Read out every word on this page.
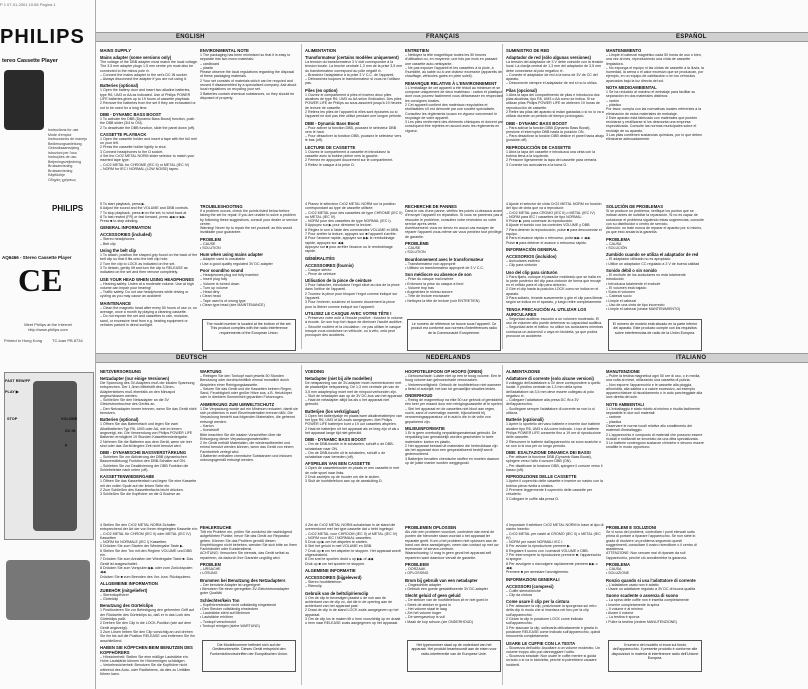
P 1 07-01-2001 10:58 Pagina 1
PHILIPS
tereo Cassette Player
Instructions for use
Mode d'emploi
Instrucciones de manejo
Bedienungsanleitung
Gebruiksaanwijzing
Istruzioni per l'uso
Instruções de uso
Betjeningsvejledning
Bruksanvisning
Bruksanvisning
Käyttöohje
Οδηγίες χρήσεως
PHILIPS
AQ6466 - Stereo Cassette Player
CE
Meet Philips at the Internet http://www.philips.com
Printed in Hong Kong TC-loan PB 8734
FAST REW/FF
PLAY ▶
STOP	VOLUME
DC IN
p
ENGLISH	FRANÇAIS	ESPAÑOL
DEUTSCH	NEDERLANDS	ITALIANO
MAINS SUPPLY
Mains adapter (some versions only)
The voltage of the DBB adapter must match the local voltage. The 3.5 mm adapter plugs 1.5 mm centre pin must also be connected to the minus pole ⊖.
– Connect the mains adapter to the set's DC IN socket.
– Always disconnect the adapter if you are not using it.
Batteries (optional)
1 Open the battery door and insert two alkaline batteries, type R6, UM3 or AA as indicated. Use of Philips POWER LIFE batteries gives up to 19 hours of cassette playback.
2 Remove the batteries from the set if they are exhausted or not to be used for a long time.
DBB - DYNAMIC BASS BOOST
1 To activate the DBB (Dynamic Bass Boost) function, push the DBB slider (3/4 to ON).
2 To deactivate the DBB function, slide the panel down (off).
CASSETTE PLAYBACK
1 Open the cassette holder and insert a tape with the full reel on your left.
2 Press the cassette holder lightly to shut.
3 Connect headphones to the Ω socket.
4 Set the CrO2 METAL NORM slider selector to match your inserted tape type:
– CrO2 METAL for CHROME (IEC II) or METAL (IEC IV)
– NORM for IEC I NORMAL (LOW NOISE) tapes.
ENVIRONMENTAL NOTE
1 The packaging has been minimised so that it is easy to separate into two mono materials:
– cardboard
– plastic
Please observe the local regulations regarding the disposal of these packaging materials.
2 Your set consists of materials which can be recycled and reused if disassembled by a specialised company. Ask about local regulations on recycling your set.
3 Batteries contain chemical substances, so they should be disposed of properly.
5 To start playback, press ▶.
6 Adjust the sound and the VOLUME and DBB controls.
7 To stop playback, press ■ on the set, to wind back at
8 To fast rewind (FR) or fast forward, press ◀◀ or ▶▶.
Press ■ to stop winding.
GENERAL INFORMATION
ACCESSORIES (included)
– Stereo headphones
– Belt clip
Using the belt clip
1 To attach, position the shaped grip found on the back of the belt clip so that it fits onto the belt clip hole.
2 Turn the clip to LOCK as indicated on the set.
3 To detach, gently lift and turn the clip to RELEASE as indicated on the set and then remove completely.
USE YOUR HEAD WHEN USING HEADPHONES
– Hearing safety: Listen at a moderate volume. Use at high volume can impair your hearing!
– Traffic safety: Do not use headphones while driving or cycling as you may cause an accident!
MAINTENANCE
– Clean the magnetic head after every 50 hours of use or, on average, once a month by playing a cleaning cassette.
– Do not expose the set and cassettes to rain, moisture, sand, or excessive heat from e.g. heating equipment or vehicles parked in direct sunlight.
TROUBLESHOOTING
If a problem occurs, check the points listed below before taking the set for repair. If you are unable to solve a problem by following these suggestions, consult your dealer or service centre.
Warning! Never try to repair the set yourself, as this would invalidate your guarantee.
PROBLEM
– CAUSE
• SOLUTION
Hum when using mains adapter
– Adapter used is unsuitable
• Use a good quality regulated 3V DC adapter
Poor sound/no sound
– Headphones plug not fully inserted
– Insert plug fully
– Volume is turned down
– Turn up volume
– Head dirty
• Clean head
– Tape used is of wrong type
• Clean type head (see MAINTENANCE)
The model number is located at the bottom of the set. This product complies with the radio interference requirements of the European Union.
ALIMENTATION
Transformateur (certains modèles uniquement)
La tension du transformateur 3 V doit correspondre à la tension locale. La broche centrale 1,3 mm de la prise 3,5 mm du transformateur correspond au pôle négatif ⊖.
– Branchez l'adaptateur à la prise 3 V C.C. de l'appareil.
– Débranchez toujours le transformateur si vous ne l'utilisez pas.
Piles (en option)
1 Ouvrez le compartiment à piles et insérez deux piles alcalines de type R6, UM3 ou AA selon l'indication. Des piles POWER LIFE de Philips au sous-assurent jusqu'à 19 heures de lecture de cassette.
2 Retirez les piles de l'appareil si elles sont épuisées ou si l'appareil ne doit pas être utilisé pendant une longue période.
DBB - Dynamic Bass Boost
– Pour activer la fonction DBB, poussez le sélecteur DBB vers le haut.
– Pour désactiver la fonction DBB, poussez le sélecteur vers le bas (off).
LECTURE DE CASSETTE
1 Ouvrez le compartiment à cassette et introduisez la cassette avec la bobine pleine vers la gauche.
2 Fermez en appuyant doucement sur le compartiment.
3 Reliez le casque à la prise Ω.
ENTRETIEN
– Nettoyez la tête magnétique toutes les 50 heures d'utilisation ou, en moyenne, une fois par mois en passant une cassette auto-nettoyante.
– Ne pas exposer l'appareil et les cassettes à la pluie, à l'humidité, au sable ou à une chaleur excessive (appareils de chauffage, véhicules garés en plein soleil).
REMARQUE RELATIVE À L'ENVIRONNEMENT
1 L'emballage de cet appareil a été réduit au minimum et se compose uniquement de deux matériaux : carton et plastique dont vous pourrez facilement vous débarrasser en respectant les consignes locales.
2 Cet appareil contient des matériaux recyclables et réutilisables s'il est démonté par une société spécialisée. Consultez les règlements locaux en vigueur concernant le recyclage de votre appareil.
3 Les piles renferment des éléments chimiques et doivent par conséquent être rejetées en accord avec les règlements en vigueur.
4 Placez le sélecteur CrO2 METAL NORM sur la position correspondant au type de cassette utilisée:
– CrO2 METAL pour des cassettes de type CHROME (IEC II) ou METAL (IEC IV)
– NORM pour des cassettes de type NORMAL (IEC I).
5 Appuyez sur ▶ pour démarrer la lecture.
6 Réglez le son à l'aide des commandes VOLUME et DBB.
7 Pour arrêter la lecture, appuyez sur ■ l'appareil s'arrête.
8 Pour l'avance rapide, appuyez sur ▶▶ le rembobinage rapide, appuyez sur ◀◀.
Appuyez sur ■ pour arrêter l'avance ou le rembobinage rapide.
GÉNÉRALITÉS
ACCESSOIRES (fournis)
– Casque stéréo
– Pince de ceinture
Utilisation de la pince de ceinture
1 Pour l'attacher, introduisez l'ergot situé au dos de la pince dans l'orifice de l'appareil.
2 Tournez la pince pour bloquer l'ergot comme indiqué sur l'appareil.
3 Pour l'enlever, soulevez et tournez doucement la pince pour la libérer comme indiqué sur l'appareil.
UTILISEZ LE CASQUE AVEC VOTRE TÊTE !
– Préservez votre ouïe à l'écoute positive : écoutez le volume à écoute. Un son trop fort risque de diminuer l'acuité auditive.
– Sécurité routière et la circulation : ne pas utiliser le casque lorsque vous conduisez un véhicule, ou à vélo, cela peut provoquer des accidents.
RECHERCHE DE PANNES
Dans le cas d'une panne, vérifiez les points ci-dessous avant d'envoyer l'appareil en réparation. Si vous ne parvenez pas à résoudre le problème, consultez votre revendeur ou votre service après-vente.
Avertissement: vous ne devez en aucun cas essayer de réparer l'appareil vous-même car vous perdriez tout privilège de garantie.
PROBLÈME
– CAUSE
• SOLUTION
Bourdonnement avec le transformateur
– Transformateur non approprié
• Utilisez un transformateur approprié de 3 V C.C.
Son médiocre ou absence de son
– Prise du casque mal insérée
• Enfoncez la prise du casque à fond
– Volume trop bas
• Augmentez le niveau sonore
– Tête de lecture encrassée
• Nettoyez la tête de lecture (voir ENTRETIEN)
Le numéro de référence se trouve sous l'appareil. Ce produit est conforme aux normes d'interférences radio de la Communauté Européenne.
SUMINISTRO DE RED
Adaptador de red (sólo algunas versiones)
La tensión del adaptador de 3 V debe coincidir con la tensión local. La clavija central de 1,3 mm del adaptador de 3,5 mm debe conectarse al polo negativo ⊖.
– Conecte el adaptador de red a la toma de 3V de CC del aparato.
– Desconecte siempre el adaptador de red si no lo utiliza.
Pilas (opcional)
1 Abra la tapa del compartimento de pilas e introduzca dos pilas alcalinas, tipo R6, UM3 o AA como se indica. Si se utilizan pilas Philips POWER LIFE se obtienen 19 horas de reproducción de cassette.
2 Retire las pilas del aparato si están gastadas o si no lo va a utilizar durante un periodo de tiempo prolongado.
DBB - DYNAMIC BASS BOOST
– Para activar la función DBB (Dynamic Bass Boost), presione el interruptor DBB hasta la posición ON.
– Para desactivar la función DBB deslice el panel hacia abajo (posición off).
REPRODUCCIÓN DE CASSETTE
1 Abra la tapa del cassette e introduzca una cinta con la bobina llena a la izquierda.
2 Presione ligeramente la tapa del cassette para cerrarla.
3 Conecte los auriculares a la toma Ω.
MANTENIMIENTO
– Limpie el cabezal magnético cada 50 horas de uso o bien, una vez al mes, reproduciendo una cinta de cassette limpiadora.
– No exponga el equipo ni las cintas de cassette a la lluvia, la humedad, la arena o el calor excesivo que se produzcan, por ejemplo, en un equipo de calefacción o en los vehículos aparcados bajo la luz directa del sol.
NOTA MEDIOAMBIENTAL
1 Se ha reducido al máximo el embalaje para facilitar su separación en dos materiales distintos:
– cartón
– plástico
Por favor, cumpla con las normativas locales referentes a la eliminación de estos materiales de embalaje.
2 Este aparato está fabricado con materiales que pueden reciclarse y reutilizarse si los desmonta una empresa especializada. Consulte las normas municipales sobre el reciclaje de su aparato.
3 Las pilas contienen sustancias químicas, por lo que deben eliminarse adecuadamente.
4 Ajuste el selector de cinta CrO2 METAL NORM en función del tipo de cinta que va a reproducir:
– CrO2 METAL para CROMO (IEC II) o METAL (IEC IV)
– NORM para IEC I cassettes de tipo NORMAL.
5 Pulse ▶ para comenzar la reproducción.
6 Ajuste el sonido con los controles VOLUME y DBB.
7 Para detener la reproducción, pulse ■ para desconectar el equipo.
8 Para el avance rápido o retroceso, pulse ▶▶ o ◀◀.
Pulse ■ para detener el avance o retroceso rápido.
INFORMACIÓN GENERAL
ACCESORIOS (incluidos)
– Auriculares estéreo
– Clip para cinturón
Uso del clip para cinturón
1 Para fijarlo, coloque el pasador moldeado que se halla en la parte posterior del clip para cinturón de forma que encaje en el orificio para el clip para cinturón.
2 Gire el clip hasta la posición LOCK como se indica en el aparato.
3 Para soltarlo, levante suavemente y gire el clip para liberar según se indica en el aparato, y luego retire completamente.
TENGA PRECAUCIÓN AL UTILIZAR LOS AURICULARES
– Seguridad auditiva: escuche a un volumen moderado. El uso de volumen alto puede deteriorar su capacidad auditiva.
– Seguridad ante el tráfico: no utilice los auriculares mientras conduzca un automóvil o vaya en bicicleta, ya que podría provocar un accidente.
SOLUCIÓN DE PROBLEMAS
Si se produce un problema, verifique los puntos que se indican antes de solicitar la reparación. Si no es capaz de solucionar el problema siguiendo estas sugerencias, consulte con su distribuidor o centro de servicio.
Atención: no trate nunca de reparar el aparato por sí mismo, ya que esto anularía la garantía.
PROBLEMA
– CAUSA
• SOLUCIÓN
Zumbido cuando se utiliza el adaptador de red
– El adaptador utilizado no es apropiado
• Utilice un adaptador CC regulado a 3 V de buena calidad
Sonido débil o sin sonido
– El enchufe de los auriculares no está totalmente introducido
• Introduzca totalmente el enchufe
– El volumen está bajado
• Suba el volumen
– Cabezal sucio
• Limpie el cabezal
– Uso de una cinta de tipo incorrecto
• Limpie el cabezal (véase MANTENIMIENTO)
El número de modelo está situado en la parte inferior del aparato. Este producto cumple con los requisitos sobre interferencias de radio de la Unión Europea.
NETZVERSORGUNG
Netzadapter (nur einige Versionen)
Die Spannung des 3V-Adapters muß der lokalen Spannung entsprechen. Der 1,3mm Mittelstift des 3,5mm-Adapterstekers muß ebenfalls an den Minuspol angeschlossen werden.
– Schließen Sie den Netzadapter an die 3V Gleichstrombuchse des Geräts an.
– Den Netzadapter immer trennen, wenn Sie das Gerät nicht benutzen.
Batterien (optional)
1 Öffnen Sie das Batteriefach und legen Sie zwei Alkalibatterien Typ R6, UM3 oder AA, wie im Innern angezeigt, ein. Die Verwendung von Philips POWER LIFE Batterien ermöglicht 19 Stunden Kassettenwiedergabe.
2 Nehmen Sie die Batterien aus dem Gerät, wenn sie leer sind oder das Gerät längere Zeit nicht benutzt wird.
DBB - DYNAMISCHE BASSVERSTÄRKUNG
– Schieben Sie zur Aktivierung der DBB (dynamischen Bassverstärkung) Funktion den DBB-Schalter auf ON.
– Schieben Sie zur Deaktivierung der DBB Funktion die Schiebeleiste nach unten (off).
KASSETTENWIEDERGABE
1 Öffnen Sie das Kassettenfach und legen Sie eine Kassette mit der vollen Spule auf der linken Seite ein.
2 Zum Schließen des Kassettenfachs leicht drücken.
3 Schließen Sie die Kopfhörer an die Ω Buchse an.
WARTUNG
– Reinigen Sie den Tonkopf nach jeweils 50 Stunden Benutzung oder durchschnittlich einmal monatlich durch Abspielen einer Reinigungskassette.
– Setzen Sie das Gerät und die Kassetten keinem Regen, Sand, Feuchtigkeit oder großer Hitze aus, z.B. Heizkörper oder in direktem Sonnenlicht geparkten Fahrzeugen.
ANMERKUNG ZUM UMWELTSCHUTZ
1 Die Verpackung wurde auf ein Minimum reduziert, damit sie sich problemlos in zwei Einzelmaterialien trennen läßt. Die Verpackung besteht aus folgenden Materialien, die getrennt entsorgt werden:
– Karton
– Kunststoff
Bitte beachten Sie die lokalen Vorschriften über die Entsorgung dieser Verpackungsmaterialien.
2 Ihr Gerät enthält Materialien, die wiederaufbereitet und erneut benutzt werden können, wenn das Gerät von einem Fachbetrieb zerlegt wird.
3 Batterien enthalten chemische Substanzen und müssen ordnungsgemäß entsorgt werden.
4 Stellen Sie den CrO2 METAL NORM-Schalter entsprechend der Art der von Ihnen eingelegten Kassette ein:
– CrO2 METAL für CHROM (IEC II) oder METAL (IEC IV) Kassetten
– NORM für NORMALE (IEC I) Kassetten.
5 Drücken Sie zum Starten der Wiedergabe Taste ▶.
6 Stellen Sie den Ton mit den Reglern VOLUME und DBB ein.
7 Drücken Sie zum Anhalten der Wiedergabe Taste ■. Das Gerät ist ausgeschaltet.
8 Drücken Sie zum Vorspulen ▶▶ oder zum Zurückspulen ◀◀.
Drücken Sie ■ zum Beenden des Vor- bzw. Rückspulens.
ALLGEMEINE INFORMATION
ZUBEHÖR (mitgeliefert)
– Stereokopfhörer
– Gürtelclip
Benutzung des Gürtelclips
1 Positionieren Sie zur Befestigung den geformten Griff auf der Rückseite des Gürtelclips so, daß er in das Loch des Gürtelclips paßt.
2 Drehen Sie den Clip in die LOCK-Position (wie auf dem Gerät angezeigt).
3 Zum Lösen heben Sie den Clip vorsichtig an und drehen Sie ihn bis auf die Position RELEASE und entfernen Sie ihn anschließend.
HABEN SIE KÖPFCHEN BEIM BENUTZEN DES KOPFHÖRERS
– Hörsicherheit: Stellen Sie eine mäßige Lautstärke ein. Hohe Lautstärke können Ihr Hörvermögen schädigen.
– Verkehrssicherheit: Benutzen Sie die Kopfhörer nicht während des Auto- oder Radfahrens, da dies zu Unfällen führen kann.
FEHLERSUCHE
Tritt ein Problem ein, prüfen Sie zunächst die nachfolgend aufgeführten Punkte, bevor Sie das Gerät zur Reparatur geben. Können Sie das Problem gemäß diesen Empfehlungen nicht beheben, wenden Sie sich bitte an Ihren Fachhändler oder Kundendienst.
ACHTUNG: Versuchen Sie niemals, das Gerät selbst zu reparieren, da dadurch Ihre Garantie ungültig wird.
PROBLEM
– URSACHE
• LÖSUNG
Brummen bei Benutzung des Netzadapters
– Der benutzte Adapter ist ungeeignet
• Benutzen Sie einen geregelten 3V-Gleichstromadapter guter Qualität
Schlechter/kein Ton
– Kopfhörerstecker nicht vollständig eingesteckt
• Den Stecker vollständig einstecken
– Lautstärke steht auf Minimum
• Lautstärke erhöhen
– Tonkopf verschmutzt
• Tonkopf reinigen (siehe WARTUNG)
Die Modellnummer befindet sich auf der Geräteunterseite. Dieses Gerät entspricht den Funkentstörvorschriften der Europäischen Union.
VOEDING
Netadapter (niet bij alle modellen)
De netspanning van de 3V-adapter moet overeenkomen met de plaatselijke netspanning. De 1,3 mm centrale pin van de 3,5 mm adapterplug moet met de minpool verbonden zijn.
– Sluit de netadapter aan op de 3V DC-bus van het apparaat.
– Haal de netadapter altijd los als u het apparaat niet gebruikt.
Batterijen (los verkrijgbaar)
1 Open het batterijvakje en plaats twee alkalinebatterijen van het type R6, UM3 of AA zoals aangegeven. Met Philips POWER LIFE batterijen kunt u 19 uur cassettes afspelen.
2 Haal de batterijen uit het apparaat als ze leeg zijn of als u het apparaat lange tijd niet gebruikt.
DBB - DYNAMIC BASS BOOST
– Om de DBB-functie in te schakelen, schuift u de DBB-schakelaar naar ON.
– Om de DBB-functie uit te schakelen, schuift u de schakelaar naar beneden (off).
AFSPELEN VAN EEN CASSETTE
1 Open de cassettehouder en plaats er een cassette in met de volle spoel naar links.
2 Druk zachtjes op de houder om die te sluiten.
3 Sluit de hoofdtelefoon aan op de aansluiting Ω.
HOOFDTELEFOON OP HOOFD (OREN)
– Gehoorschade: Luister niet op een te hoog volume. Een te hoog volume kan gehoorschade veroorzaken.
– Verkeersveiligheid: Gebruik de hoofdtelefoon niet wanneer u fietst of autorijdt; het kan tot gevaarlijke situaties leiden.
ONDERHOUD
– Reinig de magneetkop na elke 50 uur gebruik of gemiddeld één keer per maand door een reinigingscassette af te spelen.
– Stel het apparaat en de cassettes niet bloot aan regen, vocht, zand of overmatige warmte, bijvoorbeeld bij verwarmingsapparatuur of in auto's die in de volle zon geparkeerd zijn.
MILIEUINFORMATIE
1 Er is geen overbodig verpakkingsmateriaal gebruikt. De verpakking kan gemakkelijk worden gescheiden in twee materialen: karton en plastic.
2 Het apparaat bestaat uit materialen die herbruikbaar zijn als het apparaat door een gespecialiseerd bedrijf wordt gedemonteerd.
3 Batterijen bevatten chemische stoffen en moeten daarom op de juiste manier worden weggegooid.
4 Zet de CrO2 METAL NORM-schakelaar in de stand die overeenkomt met het type cassette dat u hebt ingelegd:
– CrO2 METAL voor CHROOM (IEC II) of METAL (IEC IV)
– NORM voor IEC I NORMAAL cassettes.
5 Druk op ▶ om het afspelen te starten.
6 Stel het geluid in met VOLUME en DBB.
7 Druk op ■ om het afspelen te stoppen. Het apparaat wordt uitgeschakeld.
8 Om snel te spoelen drukt u op ▶▶ of ◀◀.
Druk op ■ om het spoelen te stoppen.
ALGEMENE INFORMATIE
ACCESSOIRES (bijgeleverd)
– Stereo hoofdtelefoon
– Riemclip
Gebruik van de beltclip/riemclip
1 Om de clip te bevestigen plaatst u de nok aan de achterkant van de clip zo, dat die in de opening aan de achterkant van het apparaat past.
2 Draai de clip in de stand LOCK zoals aangegeven op het apparaat.
3 Om de clip los te maken tilt u hem voorzichtig op en draait u hem naar RELEASE zoals aangegeven op het apparaat.
PROBLEMEN OPLOSSEN
Als zich een probleem voordoet, controleer dan eerst de punten die hieronder staan voordat u het apparaat ter reparatie geeft. Kunt u het probleem niet oplossen aan de hand van deze aanwijzingen, neem dan contact op met uw leverancier of service-centrum.
Waarschuwing: U mag in geen geval het apparaat zelf repareren want daardoor vervalt de garantie.
PROBLEEM
– OORZAAK
• OPLOSSING
Brom bij gebruik van een netadapter
– Ongeschikte adapter
• Gebruik een goede gestabiliseerde 3V DC-adapter
Slecht geluid of geen geluid
– De stekker van de hoofdtelefoon zit er niet goed in
• Steek de stekker er goed in
– Het volume staat te laag
• Zet het volume hoger
– De weergavekop is vuil
• Maak de kop schoon (zie ONDERHOUD)
Het typenummer staat op de onderkant van het apparaat. Het produkt beantwoordt aan de eisen voor radio-interferentie van de Europese Unie.
ALIMENTAZIONE
Adattatore di corrente (solo alcune versioni)
Il voltaggio dell'adattatore a 3V deve corrispondere a quello locale. Il piedino centrale da 1,3 mm della spina dell'adattatore da 3,5 mm deve essere collegato al polo negativo ⊖.
– Collegare l'adattatore alla presa DC IN a 3V dell'apparecchio.
– Scollegare sempre l'adattatore di corrente se non lo si utilizza.
Batterie (opzionali)
1 Aprire lo sportello del vano batterie e inserire due batterie alcaline tipo R6, UM3 o AA come indicato. L'uso di batterie Philips POWER LIFE consente fino a 19 ore di riproduzione delle cassette.
2 Rimuovere le batterie dall'apparecchio se sono scariche o se non lo si usa per un lungo periodo.
DBB: ESALTAZIONE DINAMICA DEI BASSI
– Per attivare la funzione DBB (Dynamic Bass Boost), spingere verso l'alto il cursore DBB (ON).
– Per disattivare la funzione DBB, spingere il cursore verso il basso (off).
RIPRODUZIONE DELLE CASSETTE
1 Aprire il coperchio delle cassette e inserire un nastro con la bobina piena rivolta a sinistra.
2 Premere leggermente il coperchio delle cassette per chiuderlo.
3 Collegare le cuffie alla presa Ω.
MANUTENZIONE
– Pulire la testina magnetica ogni 50 ore di uso, o in media, una volta al mese, utilizzando una cassetta di pulizia.
– Non esporre l'apparecchio e le cassette alla pioggia, all'umidità, alla sabbia o a calore eccessivo, ad esempio apparecchiature di riscaldamento o in auto parcheggiate alla luce diretta del sole.
NOTE AMBIENTALI
1 L'imballaggio è stato ridotto al minimo e risulta facilmente separabile in due soli materiali:
– cartone
– plastica
Osservare le norme locali relative allo smaltimento dei materiali d'imballaggio.
2 L'apparecchio è composto di materiali che possono essere riciclati e riutilizzati se smontato da una ditta specializzata.
3 Le batterie contengono sostanze chimiche e devono essere smaltite in modo opportuno.
4 Impostare il selettore CrO2 METAL NORM in base al tipo di nastro inserito:
– CrO2 METAL per nastri al CROMO (IEC II) o METAL (IEC IV)
– NORM per nastri NORMALI IEC I.
5 Per avviare la riproduzione premere ▶.
6 Regolare il suono con i comandi VOLUME e DBB.
7 Per interrompere la riproduzione premere ■; l'apparecchio si spegne.
8 Per avvolgere o riavvolgere rapidamente premere ▶▶ o ◀◀.
Premere ■ per arrestare l'avvolgimento.
INFORMAZIONI GENERALI
ACCESSORI (compresi)
– Cuffie stereofoniche
– Clip da cintura
Come usare il clip per la cintura
1 Per attaccare la clip, posizionare la sporgenza sul retro della clip in modo che si inserisca nel foro per la clip sull'apparecchio.
2 Girare la clip in posizione LOCK come indicato sull'apparecchio.
3 Per staccare la clip, sollevarla delicatamente e girarla in posizione RELEASE come indicato sull'apparecchio, quindi rimuoverla completamente.
USARE LE CUFFIE CON LA TESTA
– Sicurezza dell'udito: Ascoltare a un volume moderato. Un volume troppo alto può danneggiare l'udito.
– Sicurezza stradale: Non usare le cuffie mentre si guida un'auto o si va in bicicletta, perché si potrebbero causare incidenti.
PROBLEMI E SOLUZIONI
Se vi sono dei problemi, controllare i punti elencati sotto prima di portare a riparare l'apparecchio. Se non siete in grado di risolvere un problema seguendo questi suggerimenti, consultare il vostro rivenditore o il centro di assistenza.
ATTENZIONE: Non cercare mai di riparare da soli l'apparecchio, perché ciò annullerebbe la garanzia.
PROBLEMA
– CAUSA
• SOLUZIONE
Ronzio quando si usa l'adattatore di corrente
– L'adattatore usato non è adatto
• Usare un adattatore regolato a 3V DC di buona qualità
Suono scadente o assenza di suono
– La spina delle cuffie non è inserita completamente
• Inserire completamente la spina
– Il volume è al minimo
• Alzare il volume
– La testina è sporca
• Pulire la testina (vedere MANUTENZIONE)
Il numero del modello si trova sul fondo dell'apparecchio. Il presente prodotto è conforme alle disposizioni in materia di interferenze radio dell'Unione Europea.
